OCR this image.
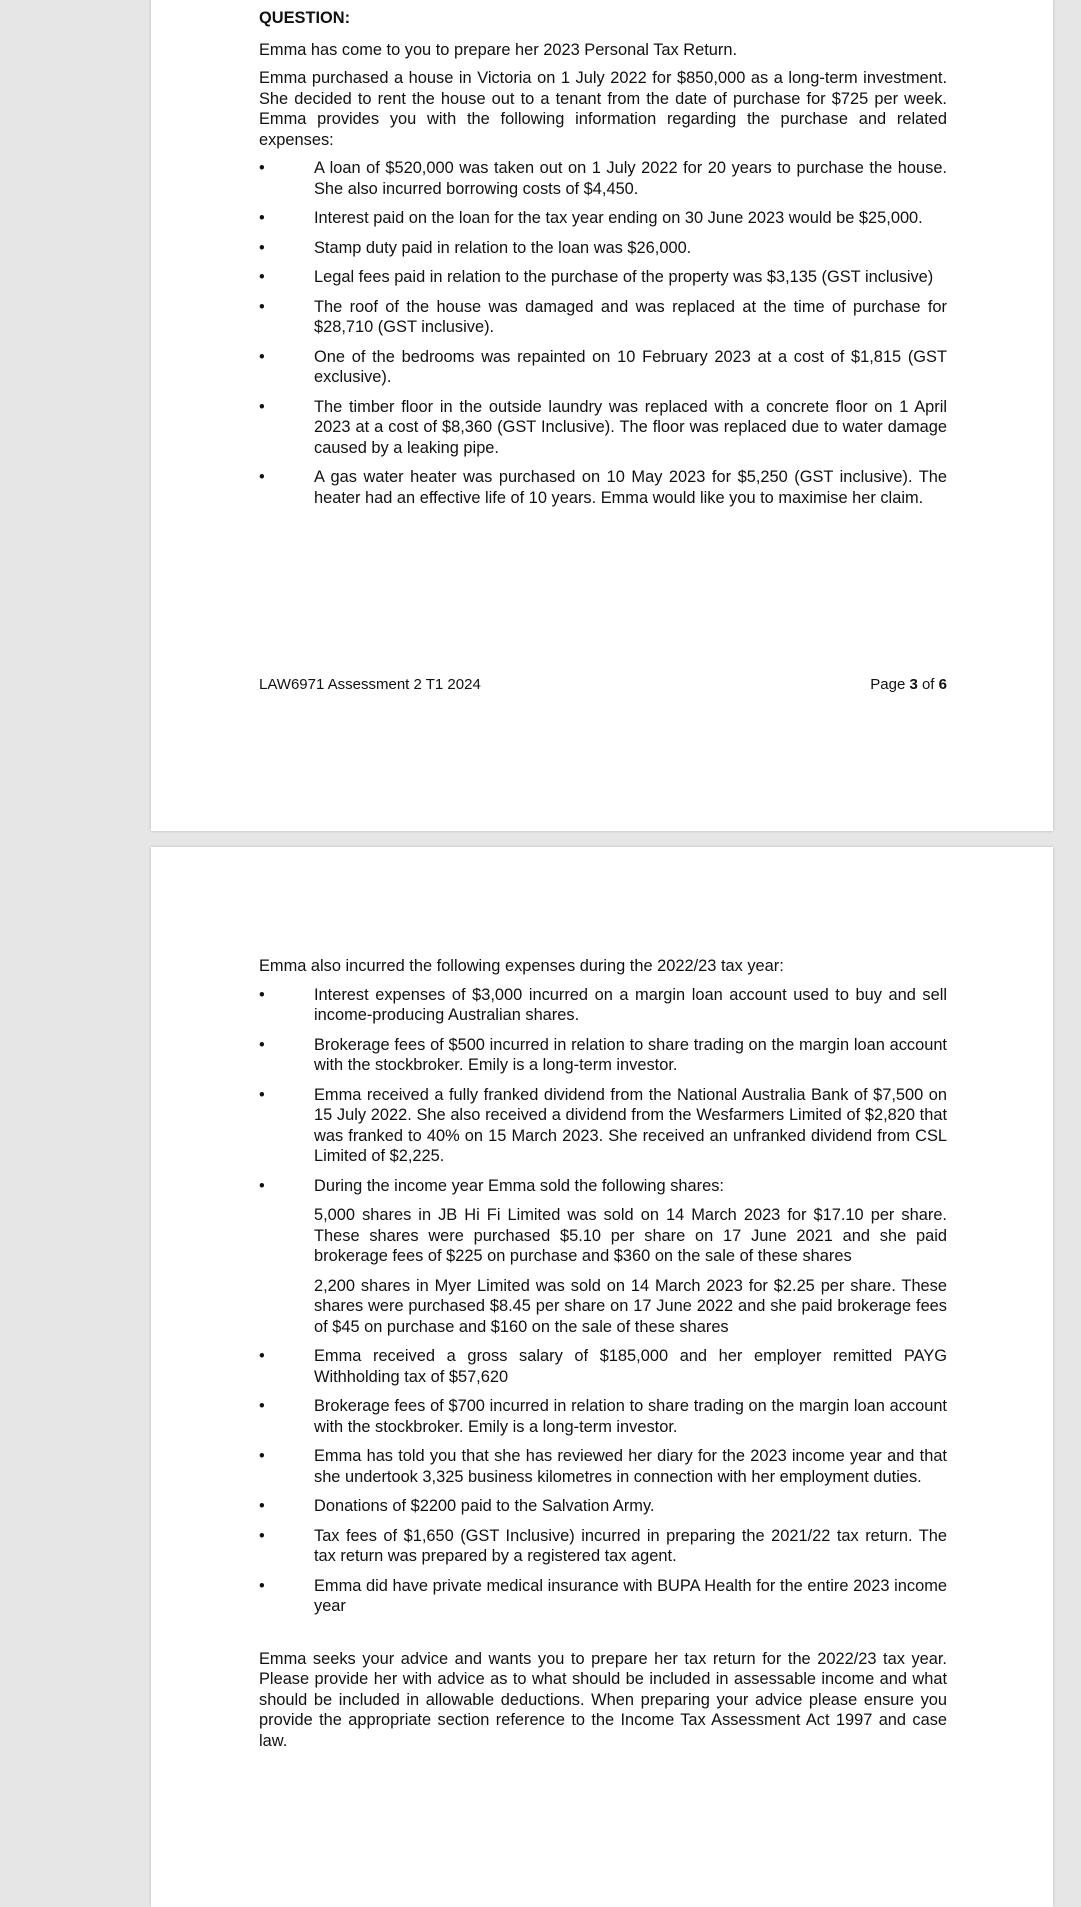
QUESTION:

Emma has come to you to prepare her 2023 Personal Tax Return.

Emma purchased a house in Victoria on 1 July 2022 for $850,000 as a long-term investment. She decided to rent the house out to a tenant from the date of purchase for $725 per week. Emma provides you with the following information regarding the purchase and related expenses:

•	A loan of $520,000 was taken out on 1 July 2022 for 20 years to purchase the house. She also incurred borrowing costs of $4,450.
•	Interest paid on the loan for the tax year ending on 30 June 2023 would be $25,000.
•	Stamp duty paid in relation to the loan was $26,000.
•	Legal fees paid in relation to the purchase of the property was $3,135 (GST inclusive)
•	The roof of the house was damaged and was replaced at the time of purchase for $28,710 (GST inclusive).
•	One of the bedrooms was repainted on 10 February 2023 at a cost of $1,815 (GST exclusive).
•	The timber floor in the outside laundry was replaced with a concrete floor on 1 April 2023 at a cost of $8,360 (GST Inclusive). The floor was replaced due to water damage caused by a leaking pipe.
•	A gas water heater was purchased on 10 May 2023 for $5,250 (GST inclusive). The heater had an effective life of 10 years. Emma would like you to maximise her claim.
LAW6971 Assessment 2 T1 2024	Page 3 of 6

Emma also incurred the following expenses during the 2022/23 tax year:

•	Interest expenses of $3,000 incurred on a margin loan account used to buy and sell income-producing Australian shares.
•	Brokerage fees of $500 incurred in relation to share trading on the margin loan account with the stockbroker. Emily is a long-term investor.
•	Emma received a fully franked dividend from the National Australia Bank of $7,500 on 15 July 2022. She also received a dividend from the Wesfarmers Limited of $2,820 that was franked to 40% on 15 March 2023. She received an unfranked dividend from CSL Limited of $2,225.
•	During the income year Emma sold the following shares:
5,000 shares in JB Hi Fi Limited was sold on 14 March 2023 for $17.10 per share. These shares were purchased $5.10 per share on 17 June 2021 and she paid brokerage fees of $225 on purchase and $360 on the sale of these shares
2,200 shares in Myer Limited was sold on 14 March 2023 for $2.25 per share. These shares were purchased $8.45 per share on 17 June 2022 and she paid brokerage fees of $45 on purchase and $160 on the sale of these shares
•	Emma received a gross salary of $185,000 and her employer remitted PAYG Withholding tax of $57,620
•	Brokerage fees of $700 incurred in relation to share trading on the margin loan account with the stockbroker. Emily is a long-term investor.
•	Emma has told you that she has reviewed her diary for the 2023 income year and that she undertook 3,325 business kilometres in connection with her employment duties.
•	Donations of $2200 paid to the Salvation Army.
•	Tax fees of $1,650 (GST Inclusive) incurred in preparing the 2021/22 tax return. The tax return was prepared by a registered tax agent.
•	Emma did have private medical insurance with BUPA Health for the entire 2023 income year

Emma seeks your advice and wants you to prepare her tax return for the 2022/23 tax year. Please provide her with advice as to what should be included in assessable income and what should be included in allowable deductions. When preparing your advice please ensure you provide the appropriate section reference to the Income Tax Assessment Act 1997 and case law.
